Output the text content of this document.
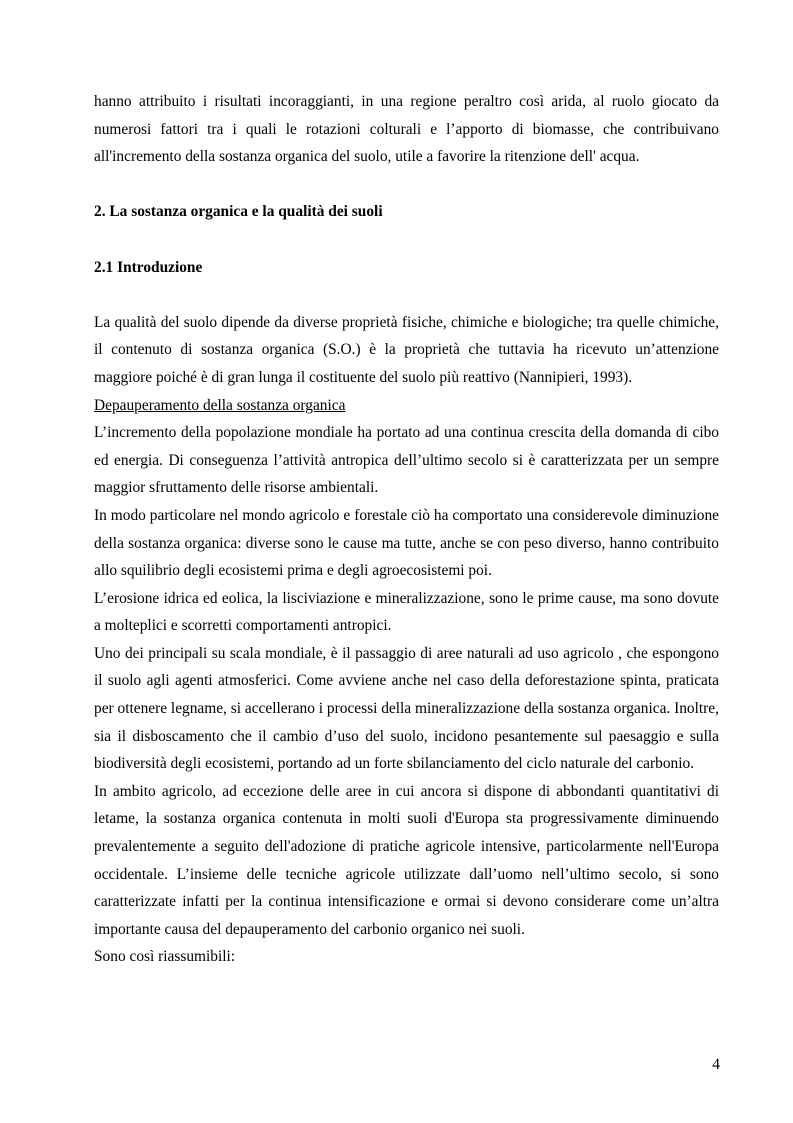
hanno attribuito i risultati incoraggianti, in una regione peraltro così arida, al ruolo giocato da numerosi fattori tra i quali le rotazioni colturali e l’apporto di biomasse, che contribuivano all'incremento della sostanza organica del suolo, utile a favorire la ritenzione dell' acqua.

2. La sostanza organica e la qualità dei suoli

2.1 Introduzione

La qualità del suolo dipende da diverse proprietà fisiche, chimiche e biologiche; tra quelle chimiche, il contenuto di sostanza organica (S.O.) è la proprietà che tuttavia ha ricevuto un’attenzione maggiore poiché è di gran lunga il costituente del suolo più reattivo (Nannipieri, 1993).

Depauperamento della sostanza organica

L’incremento della popolazione mondiale ha portato ad una continua crescita della domanda di cibo ed energia. Di conseguenza l’attività antropica dell’ultimo secolo si è caratterizzata per un sempre maggior sfruttamento delle risorse ambientali.

In modo particolare nel mondo agricolo e forestale ciò ha comportato una considerevole diminuzione della sostanza organica: diverse sono le cause ma tutte, anche se con peso diverso, hanno contribuito allo squilibrio degli ecosistemi prima e degli agroecosistemi poi.

L’erosione idrica ed eolica, la lisciviazione e mineralizzazione, sono le prime cause, ma sono dovute a molteplici e scorretti comportamenti antropici.

Uno dei principali su scala mondiale, è il passaggio di aree naturali ad uso agricolo , che espongono il suolo agli agenti atmosferici. Come avviene anche nel caso della deforestazione spinta, praticata per ottenere legname, si accellerano i processi della mineralizzazione della sostanza organica. Inoltre, sia il disboscamento che il cambio d’uso del suolo, incidono pesantemente sul paesaggio e sulla biodiversità degli ecosistemi, portando ad un forte sbilanciamento del ciclo naturale del carbonio.

In ambito agricolo, ad eccezione delle aree in cui ancora si dispone di abbondanti quantitativi di letame, la sostanza organica contenuta in molti suoli d'Europa sta progressivamente diminuendo prevalentemente a seguito dell'adozione di pratiche agricole intensive, particolarmente nell'Europa occidentale. L’insieme delle tecniche agricole utilizzate dall’uomo nell’ultimo secolo, si sono caratterizzate infatti per la continua intensificazione e ormai si devono considerare come un’altra importante causa del depauperamento del carbonio organico nei suoli.

Sono così riassumibili:

4
